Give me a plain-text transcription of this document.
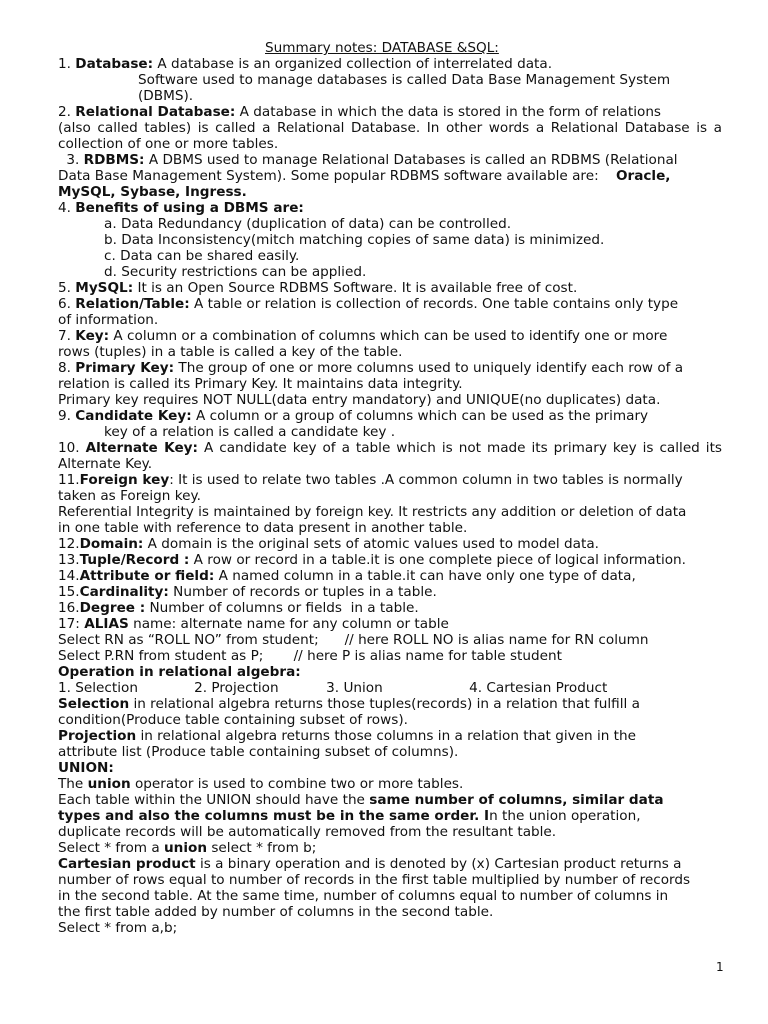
Summary notes: DATABASE &SQL:
1. Database: A database is an organized collection of interrelated data.
Software used to manage databases is called Data Base Management System
(DBMS).
2. Relational Database: A database in which the data is stored in the form of relations
(also called tables) is called a Relational Database. In other words a Relational Database is a
collection of one or more tables.
3. RDBMS: A DBMS used to manage Relational Databases is called an RDBMS (Relational
Data Base Management System). Some popular RDBMS software available are:    Oracle,
MySQL, Sybase, Ingress.
4. Benefits of using a DBMS are:
a. Data Redundancy (duplication of data) can be controlled.
b. Data Inconsistency(mitch matching copies of same data) is minimized.
c. Data can be shared easily.
d. Security restrictions can be applied.
5. MySQL: It is an Open Source RDBMS Software. It is available free of cost.
6. Relation/Table: A table or relation is collection of records. One table contains only type
of information.
7. Key: A column or a combination of columns which can be used to identify one or more
rows (tuples) in a table is called a key of the table.
8. Primary Key: The group of one or more columns used to uniquely identify each row of a
relation is called its Primary Key. It maintains data integrity.
Primary key requires NOT NULL(data entry mandatory) and UNIQUE(no duplicates) data.
9. Candidate Key: A column or a group of columns which can be used as the primary
key of a relation is called a candidate key .
10. Alternate Key: A candidate key of a table which is not made its primary key is called its
Alternate Key.
11.Foreign key: It is used to relate two tables .A common column in two tables is normally
taken as Foreign key.
Referential Integrity is maintained by foreign key. It restricts any addition or deletion of data
in one table with reference to data present in another table.
12.Domain: A domain is the original sets of atomic values used to model data.
13.Tuple/Record : A row or record in a table.it is one complete piece of logical information.
14.Attribute or field: A named column in a table.it can have only one type of data,
15.Cardinality: Number of records or tuples in a table.
16.Degree : Number of columns or fields  in a table.
17: ALIAS name: alternate name for any column or table
Select RN as “ROLL NO” from student;      // here ROLL NO is alias name for RN column
Select P.RN from student as P;       // here P is alias name for table student
Operation in relational algebra:
1. Selection             2. Projection           3. Union                    4. Cartesian Product
Selection in relational algebra returns those tuples(records) in a relation that fulfill a
condition(Produce table containing subset of rows).
Projection in relational algebra returns those columns in a relation that given in the
attribute list (Produce table containing subset of columns).
UNION:
The union operator is used to combine two or more tables.
Each table within the UNION should have the same number of columns, similar data
types and also the columns must be in the same order. In the union operation,
duplicate records will be automatically removed from the resultant table.
Select * from a union select * from b;
Cartesian product is a binary operation and is denoted by (x) Cartesian product returns a
number of rows equal to number of records in the first table multiplied by number of records
in the second table. At the same time, number of columns equal to number of columns in
the first table added by number of columns in the second table.
Select * from a,b;
1
